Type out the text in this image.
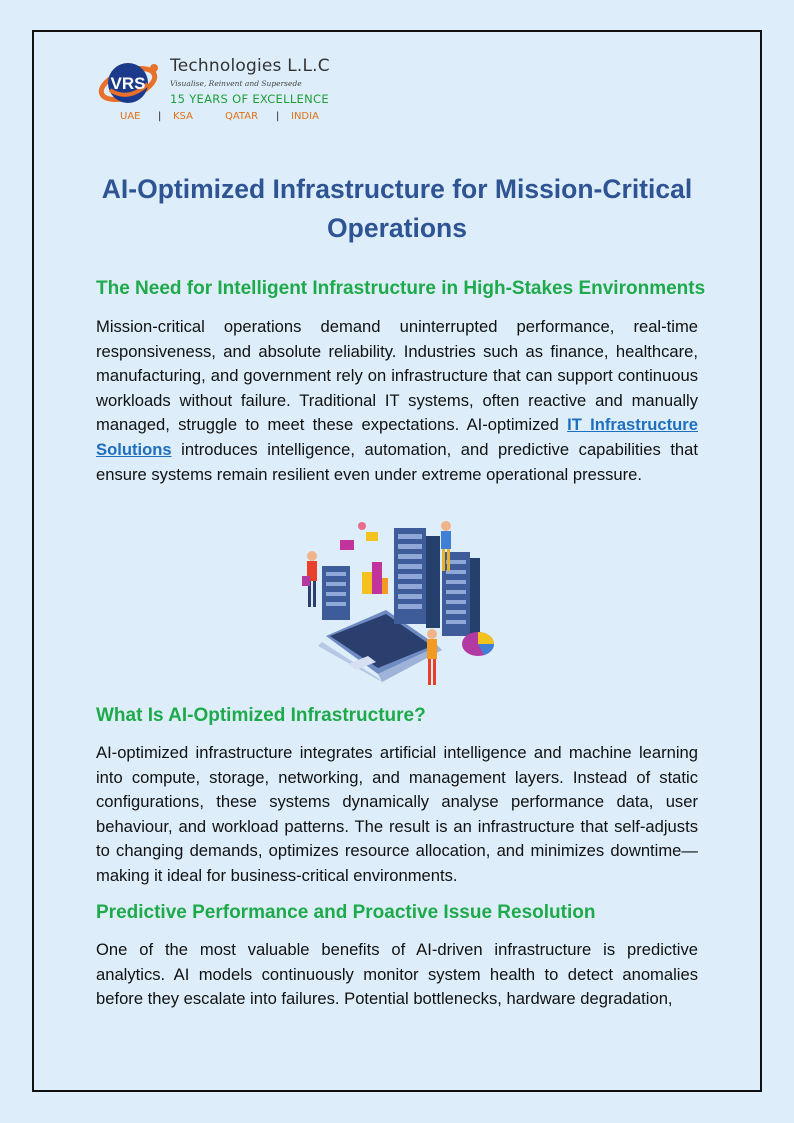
VRS
Technologies L.L.C
Visualise, Reinvent and Supersede
15 YEARS OF EXCELLENCE
UAE | KSA	QATAR | INDIA
AI-Optimized Infrastructure for Mission-Critical Operations
The Need for Intelligent Infrastructure in High-Stakes Environments

Mission-critical operations demand uninterrupted performance, real-time responsiveness, and absolute reliability. Industries such as finance, healthcare, manufacturing, and government rely on infrastructure that can support continuous workloads without failure. Traditional IT systems, often reactive and manually managed, struggle to meet these expectations. AI-optimized IT Infrastructure Solutions introduces intelligence, automation, and predictive capabilities that ensure systems remain resilient even under extreme operational pressure.

What Is AI-Optimized Infrastructure?

AI-optimized infrastructure integrates artificial intelligence and machine learning into compute, storage, networking, and management layers. Instead of static configurations, these systems dynamically analyse performance data, user behaviour, and workload patterns. The result is an infrastructure that self-adjusts to changing demands, optimizes resource allocation, and minimizes downtime—making it ideal for business-critical environments.

Predictive Performance and Proactive Issue Resolution

One of the most valuable benefits of AI-driven infrastructure is predictive analytics. AI models continuously monitor system health to detect anomalies before they escalate into failures. Potential bottlenecks, hardware degradation,
